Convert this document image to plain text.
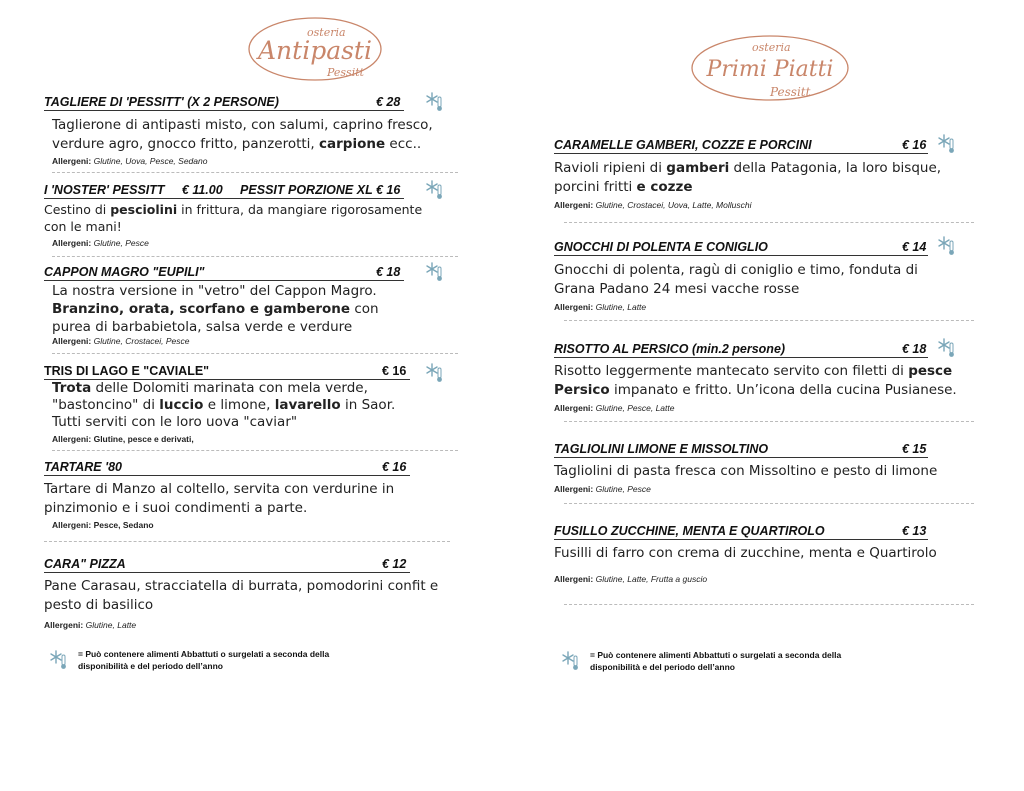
osteria
Antipasti
Pessitt
TAGLIERE DI 'PESSITT' (X 2 PERSONE)	€ 28
Taglierone di antipasti misto, con salumi, caprino fresco, verdure agro, gnocco fritto, panzerotti, carpione ecc..
Allergeni: Glutine, Uova, Pesce, Sedano
I 'NOSTER' PESSITT     € 11.00     PESSIT PORZIONE XL € 16
Cestino di pesciolini in frittura, da mangiare rigorosamente con le mani!
Allergeni: Glutine, Pesce
CAPPON MAGRO "EUPILI"	€ 18
La nostra versione in "vetro" del Cappon Magro. Branzino, orata, scorfano e gamberone con purea di barbabietola, salsa verde e verdure
Allergeni: Glutine, Crostacei, Pesce
TRIS DI LAGO E "CAVIALE"	€ 16
Trota delle Dolomiti marinata con mela verde, "bastoncino" di luccio e limone, lavarello in Saor. Tutti serviti con le loro uova "caviar"
Allergeni: Glutine, pesce e derivati,
TARTARE '80	€ 16
Tartare di Manzo al coltello, servita con verdurine in pinzimonio e i suoi condimenti a parte.
Allergeni: Pesce, Sedano
CARA" PIZZA	€ 12
Pane Carasau, stracciatella di burrata, pomodorini confit e pesto di basilico
Allergeni: Glutine, Latte
= Può contenere alimenti Abbattuti o surgelati a seconda della disponibilità e del periodo dell’anno
osteria
Primi Piatti
Pessitt
CARAMELLE GAMBERI, COZZE E PORCINI	€ 16
Ravioli ripieni di gamberi della Patagonia, la loro bisque, porcini fritti e cozze
Allergeni: Glutine, Crostacei, Uova, Latte, Molluschi
GNOCCHI DI POLENTA E CONIGLIO	€ 14
Gnocchi di polenta, ragù di coniglio e timo, fonduta di Grana Padano 24 mesi vacche rosse
Allergeni: Glutine, Latte
RISOTTO AL PERSICO (min.2 persone)	€ 18
Risotto leggermente mantecato servito con filetti di pesce Persico impanato e fritto. Un’icona della cucina Pusianese.
Allergeni: Glutine, Pesce, Latte
TAGLIOLINI LIMONE E MISSOLTINO	€ 15
Tagliolini di pasta fresca con Missoltino e pesto di limone
Allergeni: Glutine, Pesce
FUSILLO ZUCCHINE, MENTA E QUARTIROLO	€ 13
Fusilli di farro con crema di zucchine, menta e Quartirolo
Allergeni: Glutine, Latte, Frutta a guscio
= Può contenere alimenti Abbattuti o surgelati a seconda della disponibilità e del periodo dell’anno
